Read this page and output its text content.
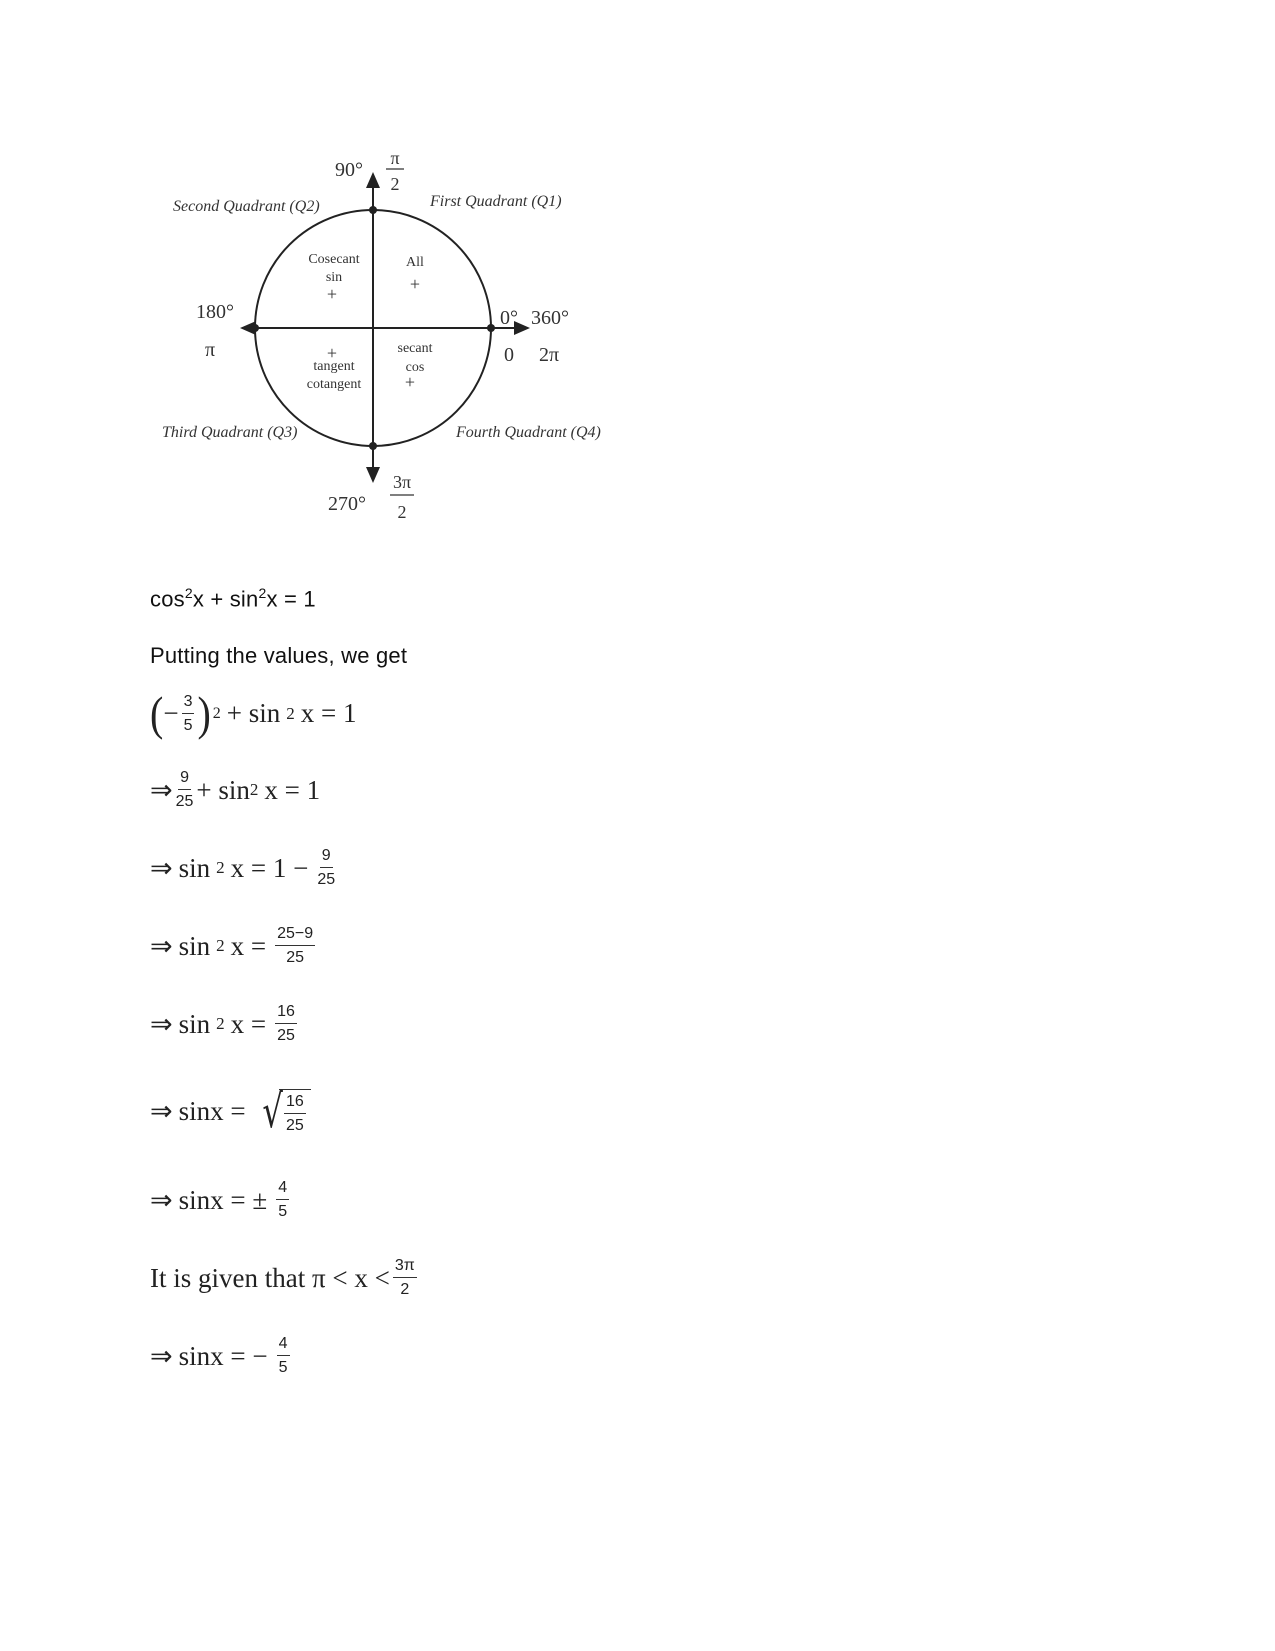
90°
π
2
180°
π
0° 360°
0 2π
270°
3π
2
First Quadrant (Q1)
Second Quadrant (Q2)
Third Quadrant (Q3)	Fourth Quadrant (Q4)
All
+
Cosecant
sin
+
+
tangent
cotangent
secant
cos
+
$\cos^2x + \sin^2x = 1$
Putting the values, we get
( − $\frac{3}{5}$ ) 2 + sin 2 x = 1
⇒ $\frac{9}{25} + \sin 2$ x = 1
⇒ sin 2 $x = 1 - \frac{9}{25}$
⇒ sin 2 $x = \frac{25-9}{25}$
⇒ sin 2 $x = \frac{16}{25}$
⇒ sinx = √ $\frac{16}{25}$
⇒ sinx = ± $\frac{4}{5}$
It is given that $\pi < x < \frac{3\pi}{2}$
⇒ sinx = − $\frac{4}{5}$
